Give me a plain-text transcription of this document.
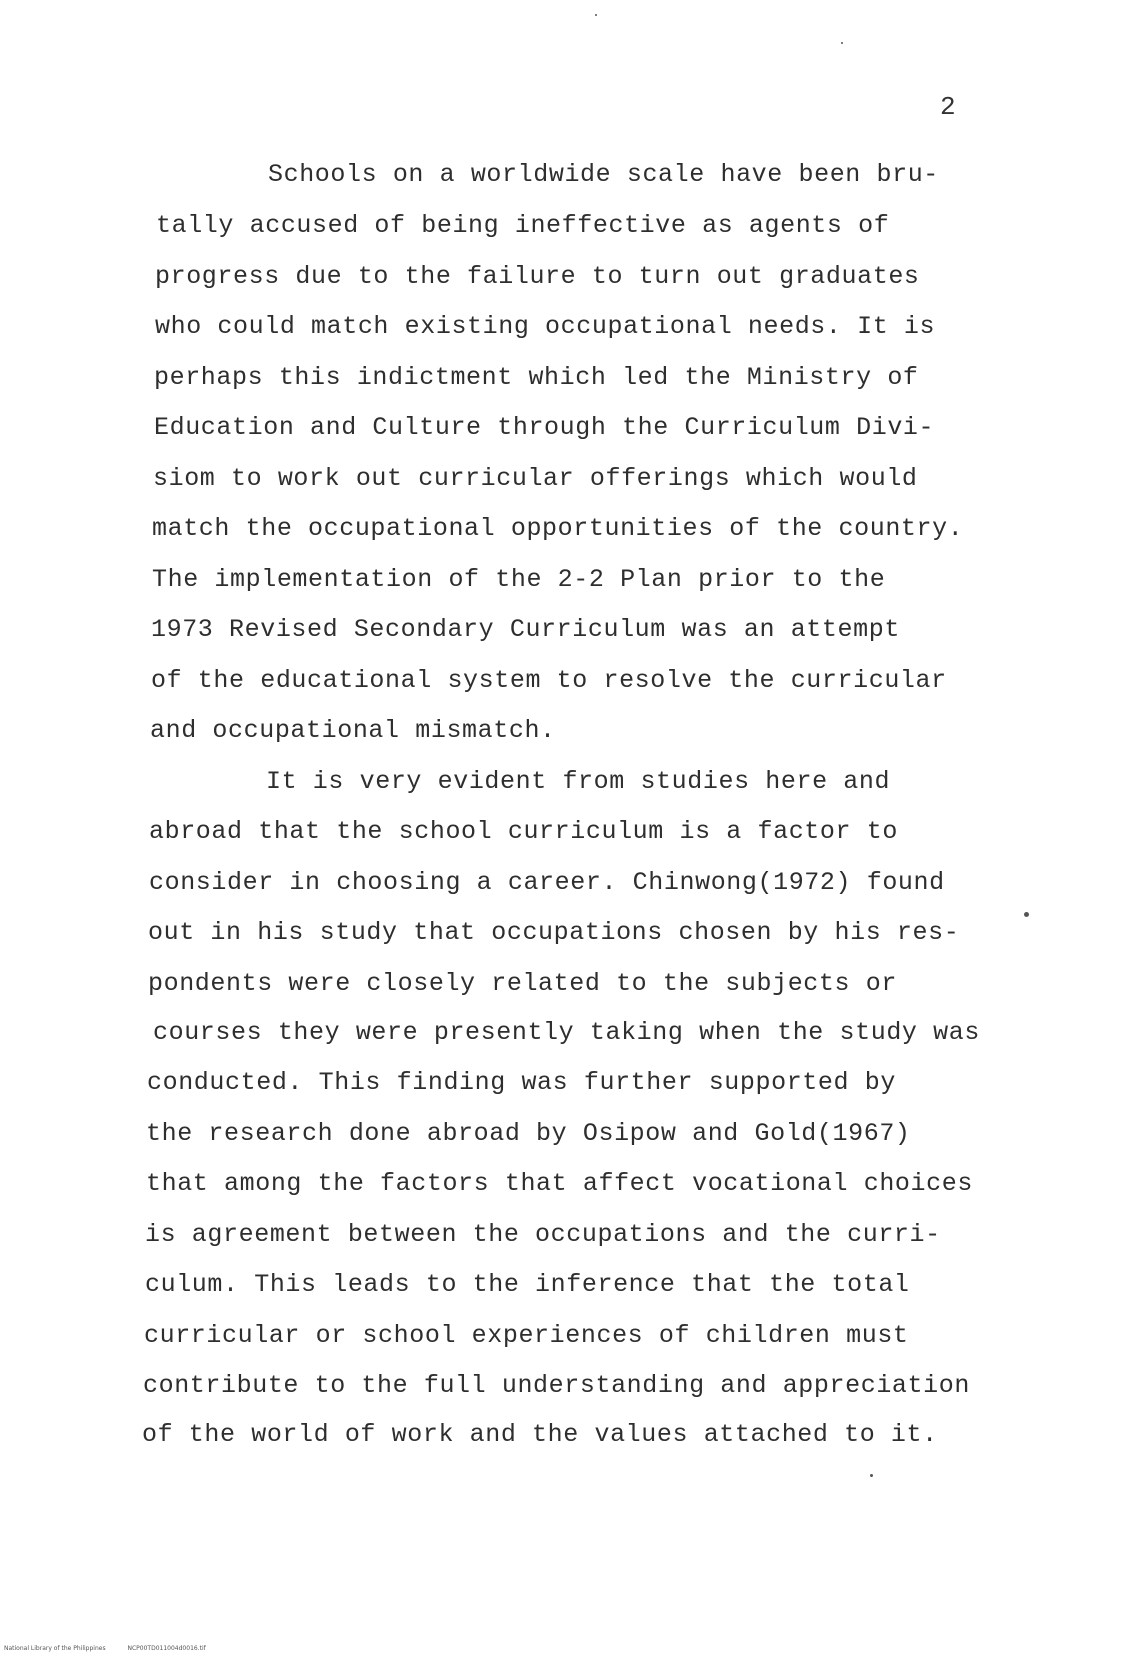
2
Schools on a worldwide scale have been bru-
tally accused of being ineffective as agents of
progress due to the failure to turn out graduates
who could match existing occupational needs. It is
perhaps this indictment which led the Ministry of
Education and Culture through the Curriculum Divi-
siom to work out curricular offerings which would
match the occupational opportunities of the country.
The implementation of the 2-2 Plan prior to the
1973 Revised Secondary Curriculum was an attempt
of the educational system to resolve the curricular
and occupational mismatch.
It is very evident from studies here and
abroad that the school curriculum is a factor to
consider in choosing a career. Chinwong(1972) found
out in his study that occupations chosen by his res-
pondents were closely related to the subjects or
courses they were presently taking when the study was
conducted. This finding was further supported by
the research done abroad by Osipow and Gold(1967)
that among the factors that affect vocational choices
is agreement between the occupations and the curri-
culum. This leads to the inference that the total
curricular or school experiences of children must
contribute to the full understanding and appreciation
of the world of work and the values attached to it.
National Library of the Philippines	NCP00TD011004d0016.tif
